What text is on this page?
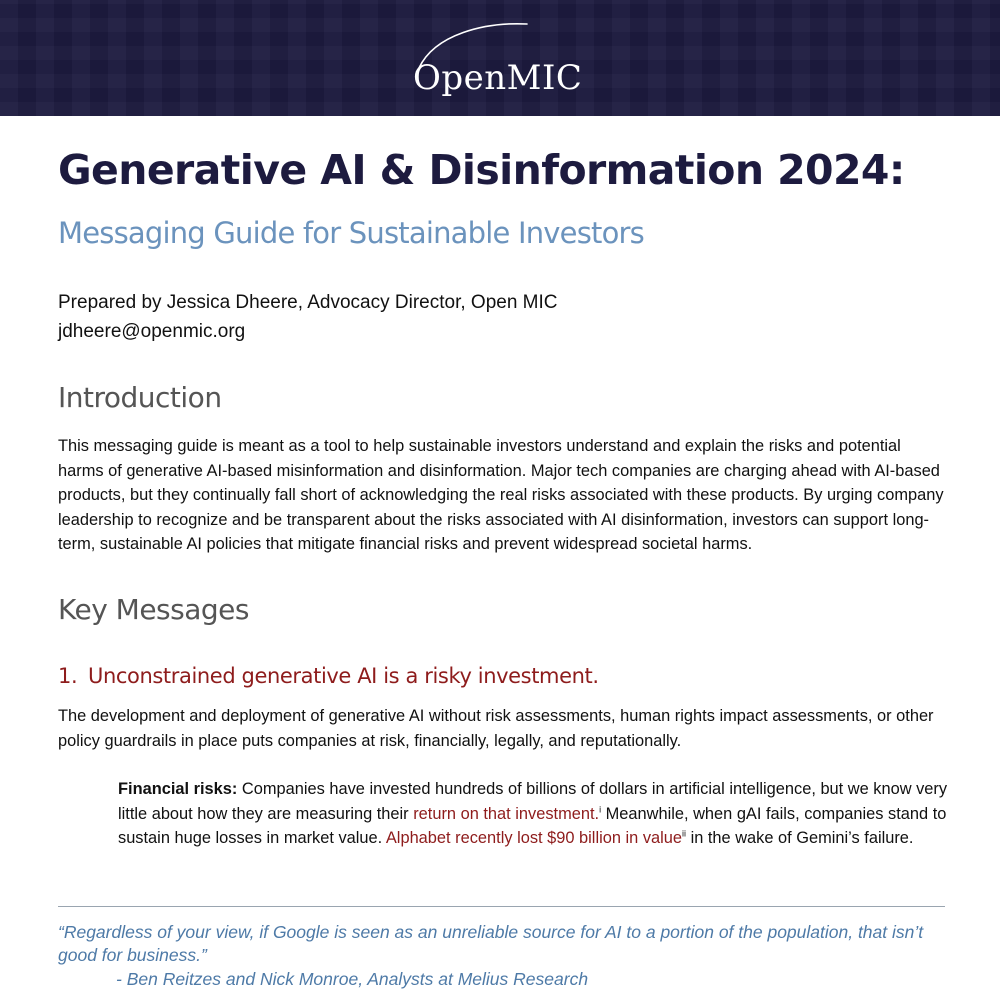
OpenMIC
Generative AI & Disinformation 2024:
Messaging Guide for Sustainable Investors
Prepared by Jessica Dheere, Advocacy Director, Open MIC
jdheere@openmic.org
Introduction

This messaging guide is meant as a tool to help sustainable investors understand and explain the risks and potential harms of generative AI-based misinformation and disinformation. Major tech companies are charging ahead with AI-based products, but they continually fall short of acknowledging the real risks associated with these products. By urging company leadership to recognize and be transparent about the risks associated with AI disinformation, investors can support long-term, sustainable AI policies that mitigate financial risks and prevent widespread societal harms.

Key Messages
1. Unconstrained generative AI is a risky investment.

The development and deployment of generative AI without risk assessments, human rights impact assessments, or other policy guardrails in place puts companies at risk, financially, legally, and reputationally.

Financial risks: Companies have invested hundreds of billions of dollars in artificial intelligence, but we know very little about how they are measuring their return on that investment.$^i$ Meanwhile, when gAI fails, companies stand to sustain huge losses in market value. Alphabet recently lost $90 billion in value$^{ii}$ in the wake of Gemini’s failure.

“Regardless of your view, if Google is seen as an unreliable source for AI to a portion of the population, that isn’t good for business.”

- Ben Reitzes and Nick Monroe, Analysts at Melius Research
